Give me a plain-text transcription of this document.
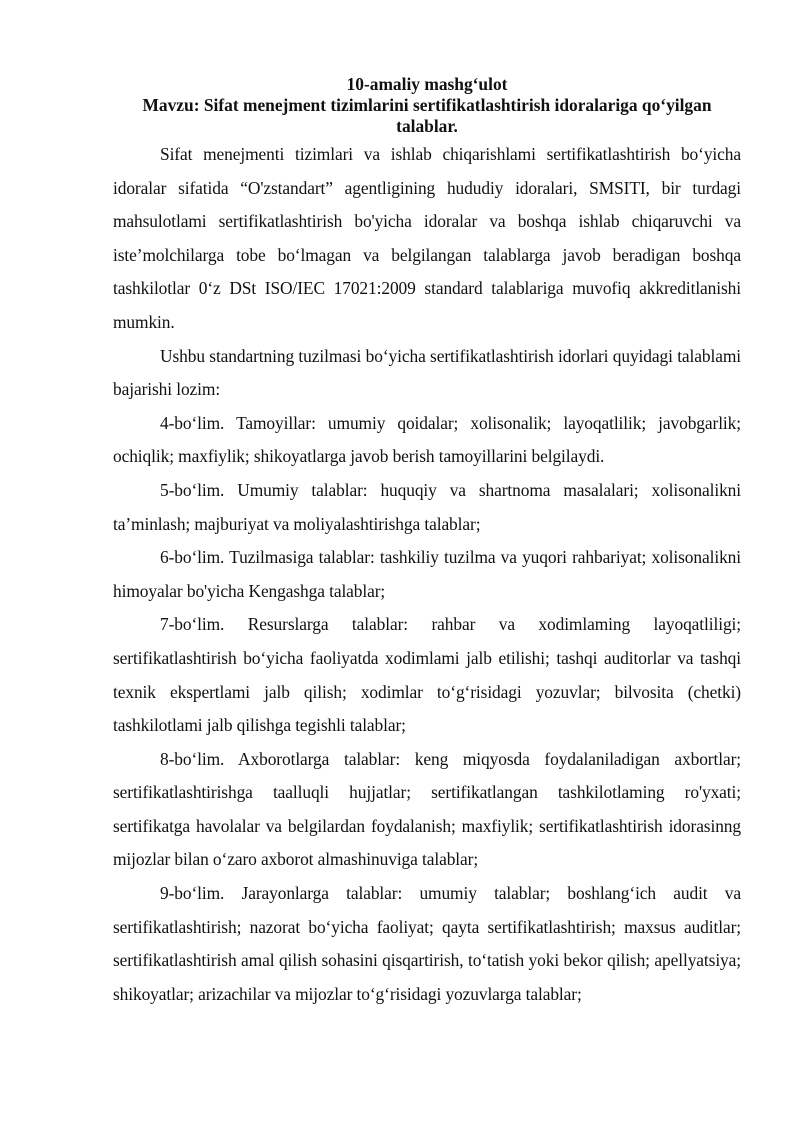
10-amaliy mashg‘ulot
Mavzu: Sifat menejment tizimlarini sertifikatlashtirish idoralariga qo‘yilgan talablar.

Sifat menejmenti tizimlari va ishlab chiqarishlami sertifikatlashtirish bo‘yicha idoralar sifatida “O'zstandart” agentligining hududiy idoralari, SMSITI, bir turdagi mahsulotlami sertifikatlashtirish bo'yicha idoralar va boshqa ishlab chiqaruvchi va iste’molchilarga tobe bo‘lmagan va belgilangan talablarga javob beradigan boshqa tashkilotlar 0‘z DSt ISO/IEC 17021:2009 standard talablariga muvofiq akkreditlanishi mumkin.

Ushbu standartning tuzilmasi bo‘yicha sertifikatlashtirish idorlari quyidagi talablami bajarishi lozim:

4-bo‘lim. Tamoyillar: umumiy qoidalar; xolisonalik; layoqatlilik; javobgarlik; ochiqlik; maxfiylik; shikoyatlarga javob berish tamoyillarini belgilaydi.

5-bo‘lim. Umumiy talablar: huquqiy va shartnoma masalalari; xolisonalikni ta’minlash; majburiyat va moliyalashtirishga talablar;

6-bo‘lim. Tuzilmasiga talablar: tashkiliy tuzilma va yuqori rahbariyat; xolisonalikni himoyalar bo'yicha Kengashga talablar;

7-bo‘lim. Resurslarga talablar: rahbar va xodimlaming layoqatliligi; sertifikatlashtirish bo‘yicha faoliyatda xodimlami jalb etilishi; tashqi auditorlar va tashqi texnik ekspertlami jalb qilish; xodimlar to‘g‘risidagi yozuvlar; bilvosita (chetki) tashkilotlami jalb qilishga tegishli talablar;

8-bo‘lim. Axborotlarga talablar: keng miqyosda foydalaniladigan axbortlar; sertifikatlashtirishga taalluqli hujjatlar; sertifikatlangan tashkilotlaming ro'yxati; sertifikatga havolalar va belgilardan foydalanish; maxfiylik; sertifikatlashtirish idorasinng mijozlar bilan o‘zaro axborot almashinuviga talablar;

9-bo‘lim. Jarayonlarga talablar: umumiy talablar; boshlang‘ich audit va sertifikatlashtirish; nazorat bo‘yicha faoliyat; qayta sertifikatlashtirish; maxsus auditlar; sertifikatlashtirish amal qilish sohasini qisqartirish, to‘tatish yoki bekor qilish; apellyatsiya; shikoyatlar; arizachilar va mijozlar to‘g‘risidagi yozuvlarga talablar;
